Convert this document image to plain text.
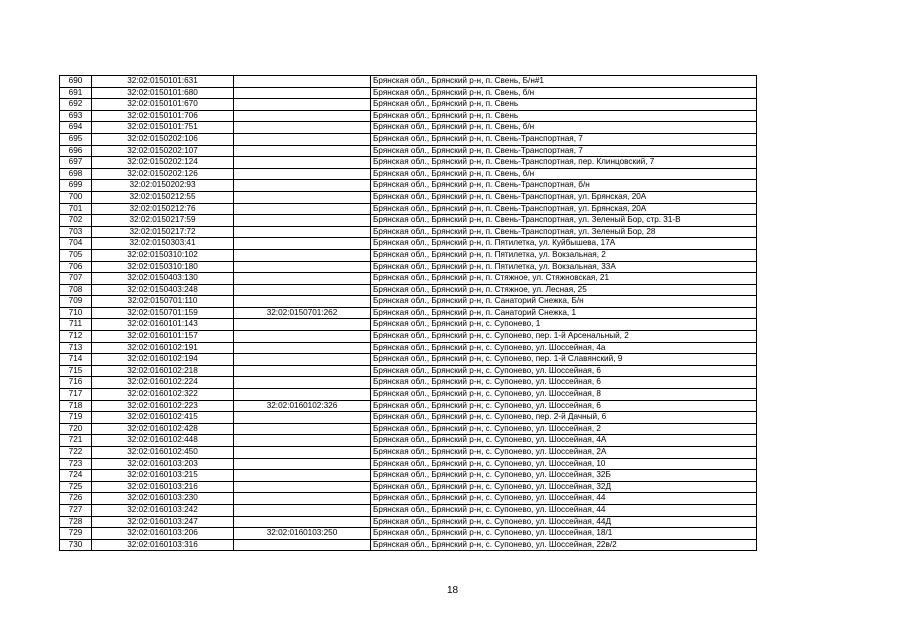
690	32:02:0150101:631		Брянская обл., Брянский р-н, п. Свень, Б/н#1
691	32:02:0150101:680		Брянская обл., Брянский р-н, п. Свень, б/н
692	32:02:0150101:670		Брянская обл., Брянский р-н, п. Свень
693	32:02:0150101:706		Брянская обл., Брянский р-н, п. Свень
694	32:02:0150101:751		Брянская обл., Брянский р-н, п. Свень, б/н
695	32:02:0150202:106		Брянская обл., Брянский р-н, п. Свень-Транспортная, 7
696	32:02:0150202:107		Брянская обл., Брянский р-н, п. Свень-Транспортная, 7
697	32:02:0150202:124		Брянская обл., Брянский р-н, п. Свень-Транспортная, пер. Клинцовский, 7
698	32:02:0150202:126		Брянская обл., Брянский р-н, п. Свень, б/н
699	32:02:0150202:93		Брянская обл., Брянский р-н, п. Свень-Транспортная, б/н
700	32:02:0150212:55		Брянская обл., Брянский р-н, п. Свень-Транспортная, ул. Брянская, 20А
701	32:02:0150212:76		Брянская обл., Брянский р-н, п. Свень-Транспортная, ул. Брянская, 20А
702	32:02:0150217:59		Брянская обл., Брянский р-н, п. Свень-Транспортная, ул. Зеленый Бор, стр. 31-В
703	32:02:0150217:72		Брянская обл., Брянский р-н, п. Свень-Транспортная, ул. Зеленый Бор, 28
704	32:02:0150303:41		Брянская обл., Брянский р-н, п. Пятилетка, ул. Куйбышева, 17А
705	32:02:0150310:102		Брянская обл., Брянский р-н, п. Пятилетка, ул. Вокзальная, 2
706	32:02:0150310:180		Брянская обл., Брянский р-н, п. Пятилетка, ул. Вокзальная, 33А
707	32:02:0150403:130		Брянская обл., Брянский р-н, п. Стяжное, ул. Стяжновская, 21
708	32:02:0150403:248		Брянская обл., Брянский р-н, п. Стяжное, ул. Лесная, 25
709	32:02:0150701:110		Брянская обл., Брянский р-н, п. Санаторий Снежка, Б/н
710	32:02:0150701:159	32:02:0150701:262	Брянская обл., Брянский р-н, п. Санаторий Снежка, 1
711	32:02:0160101:143		Брянская обл., Брянский р-н, с. Супонево, 1
712	32:02:0160101:157		Брянская обл., Брянский р-н, с. Супонево, пер. 1-й Арсенальный, 2
713	32:02:0160102:191		Брянская обл., Брянский р-н, с. Супонево, ул. Шоссейная, 4а
714	32:02:0160102:194		Брянская обл., Брянский р-н, с. Супонево, пер. 1-й Славянский, 9
715	32:02:0160102:218		Брянская обл., Брянский р-н, с. Супонево, ул. Шоссейная, 6
716	32:02:0160102:224		Брянская обл., Брянский р-н, с. Супонево, ул. Шоссейная, 6
717	32:02:0160102:322		Брянская обл., Брянский р-н, с. Супонево, ул. Шоссейная, 8
718	32:02:0160102:223	32:02:0160102:326	Брянская обл., Брянский р-н, с. Супонево, ул. Шоссейная, 6
719	32:02:0160102:415		Брянская обл., Брянский р-н, с. Супонево, пер. 2-й Дачный, 6
720	32:02:0160102:428		Брянская обл., Брянский р-н, с. Супонево, ул. Шоссейная, 2
721	32:02:0160102:448		Брянская обл., Брянский р-н, с. Супонево, ул. Шоссейная, 4А
722	32:02:0160102:450		Брянская обл., Брянский р-н, с. Супонево, ул. Шоссейная, 2А
723	32:02:0160103:203		Брянская обл., Брянский р-н, с. Супонево, ул. Шоссейная, 10
724	32:02:0160103:215		Брянская обл., Брянский р-н, с. Супонево, ул. Шоссейная, 32Б
725	32:02:0160103:216		Брянская обл., Брянский р-н, с. Супонево, ул. Шоссейная, 32Д
726	32:02:0160103:230		Брянская обл., Брянский р-н, с. Супонево, ул. Шоссейная, 44
727	32:02:0160103:242		Брянская обл., Брянский р-н, с. Супонево, ул. Шоссейная, 44
728	32:02:0160103:247		Брянская обл., Брянский р-н, с. Супонево, ул. Шоссейная, 44Д
729	32:02:0160103:206	32:02:0160103:250	Брянская обл., Брянский р-н, с. Супонево, ул. Шоссейная, 18/1
730	32:02:0160103:316		Брянская обл., Брянский р-н, с. Супонево, ул. Шоссейная, 22в/2
18
